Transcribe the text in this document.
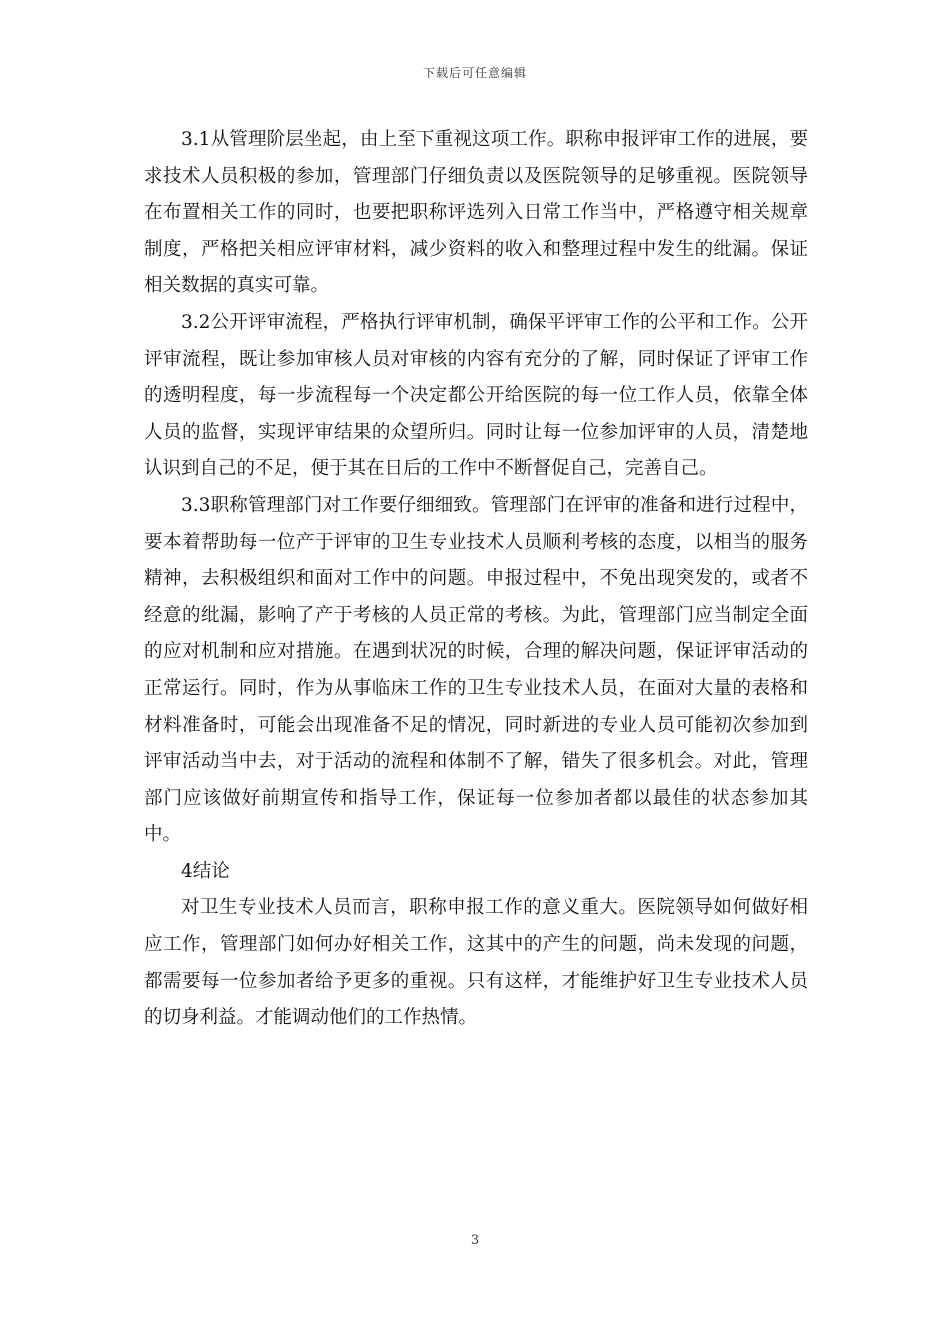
下载后可任意编辑

3.1从管理阶层坐起，由上至下重视这项工作。职称申报评审工作的进展，要求技术人员积极的参加，管理部门仔细负责以及医院领导的足够重视。医院领导在布置相关工作的同时，也要把职称评选列入日常工作当中，严格遵守相关规章制度，严格把关相应评审材料，减少资料的收入和整理过程中发生的纰漏。保证相关数据的真实可靠。

3.2公开评审流程，严格执行评审机制，确保平评审工作的公平和工作。公开评审流程，既让参加审核人员对审核的内容有充分的了解，同时保证了评审工作的透明程度，每一步流程每一个决定都公开给医院的每一位工作人员，依靠全体人员的监督，实现评审结果的众望所归。同时让每一位参加评审的人员，清楚地认识到自己的不足，便于其在日后的工作中不断督促自己，完善自己。

3.3职称管理部门对工作要仔细细致。管理部门在评审的准备和进行过程中，要本着帮助每一位产于评审的卫生专业技术人员顺利考核的态度，以相当的服务精神，去积极组织和面对工作中的问题。申报过程中，不免出现突发的，或者不经意的纰漏，影响了产于考核的人员正常的考核。为此，管理部门应当制定全面的应对机制和应对措施。在遇到状况的时候，合理的解决问题，保证评审活动的正常运行。同时，作为从事临床工作的卫生专业技术人员，在面对大量的表格和材料准备时，可能会出现准备不足的情况，同时新进的专业人员可能初次参加到评审活动当中去，对于活动的流程和体制不了解，错失了很多机会。对此，管理部门应该做好前期宣传和指导工作，保证每一位参加者都以最佳的状态参加其中。

4结论

对卫生专业技术人员而言，职称申报工作的意义重大。医院领导如何做好相应工作，管理部门如何办好相关工作，这其中的产生的问题，尚未发现的问题，都需要每一位参加者给予更多的重视。只有这样，才能维护好卫生专业技术人员的切身利益。才能调动他们的工作热情。

3
